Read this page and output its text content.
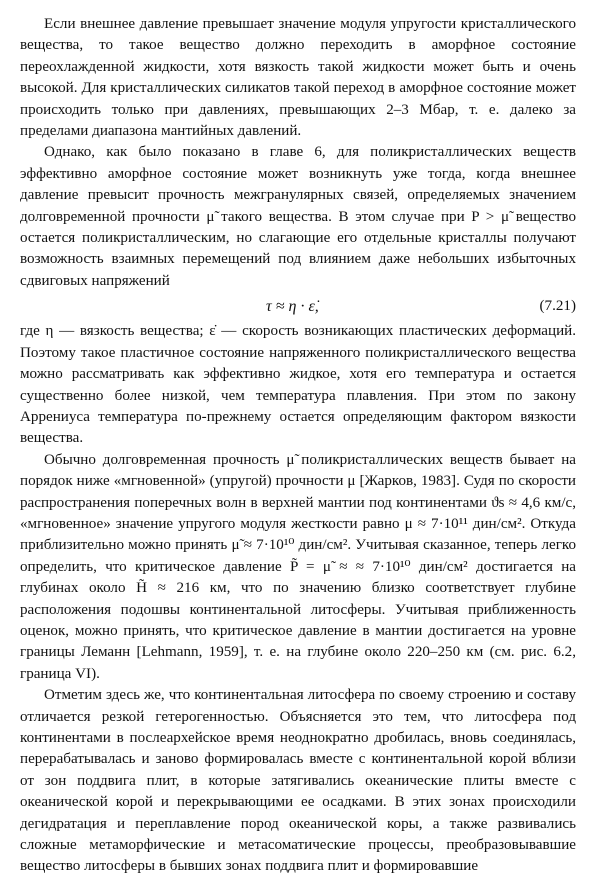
Если внешнее давление превышает значение модуля упругости кристаллического вещества, то такое вещество должно переходить в аморфное состояние переохлажденной жидкости, хотя вязкость такой жидкости может быть и очень высокой. Для кристаллических силикатов такой переход в аморфное состояние может происходить только при давлениях, превышающих 2–3 Мбар, т. е. далеко за пределами диапазона мантийных давлений.

Однако, как было показано в главе 6, для поликристаллических веществ эффективно аморфное состояние может возникнуть уже тогда, когда внешнее давление превысит прочность межгранулярных связей, определяемых значением долговременной прочности μ̃ такого вещества. В этом случае при P > μ̃ вещество остается поликристаллическим, но слагающие его отдельные кристаллы получают возможность взаимных перемещений под влиянием даже небольших избыточных сдвиговых напряжений

τ ≈ η · ε̇,	(7.21)

где η — вязкость вещества; ε̇ — скорость возникающих пластических деформаций. Поэтому такое пластичное состояние напряженного поликристаллического вещества можно рассматривать как эффективно жидкое, хотя его температура и остается существенно более низкой, чем температура плавления. При этом по закону Аррениуса температура по-прежнему остается определяющим фактором вязкости вещества.

Обычно долговременная прочность μ̃ поликристаллических веществ бывает на порядок ниже «мгновенной» (упругой) прочности μ [Жарков, 1983]. Судя по скорости распространения поперечных волн в верхней мантии под континентами ϑs ≈ 4,6 км/с, «мгновенное» значение упругого модуля жесткости равно μ ≈ 7·10¹¹ дин/см². Откуда приблизительно можно принять μ̃ ≈ 7·10¹⁰ дин/см². Учитывая сказанное, теперь легко определить, что критическое давление P̃ = μ̃ ≈ ≈ 7·10¹⁰ дин/см² достигается на глубинах около H̃ ≈ 216 км, что по значению близко соответствует глубине расположения подошвы континентальной литосферы. Учитывая приближенность оценок, можно принять, что критическое давление в мантии достигается на уровне границы Леманн [Lehmann, 1959], т. е. на глубине около 220–250 км (см. рис. 6.2, граница VI).

Отметим здесь же, что континентальная литосфера по своему строению и составу отличается резкой гетерогенностью. Объясняется это тем, что литосфера под континентами в послеархейское время неоднократно дробилась, вновь соединялась, перерабатывалась и заново формировалась вместе с континентальной корой вблизи от зон поддвига плит, в которые затягивались океанические плиты вместе с океанической корой и перекрывающими ее осадками. В этих зонах происходили дегидратация и переплавление пород океанической коры, а также развивались сложные метаморфические и метасоматические процессы, преобразовывавшие вещество литосферы в бывших зонах поддвига плит и формировавшие
